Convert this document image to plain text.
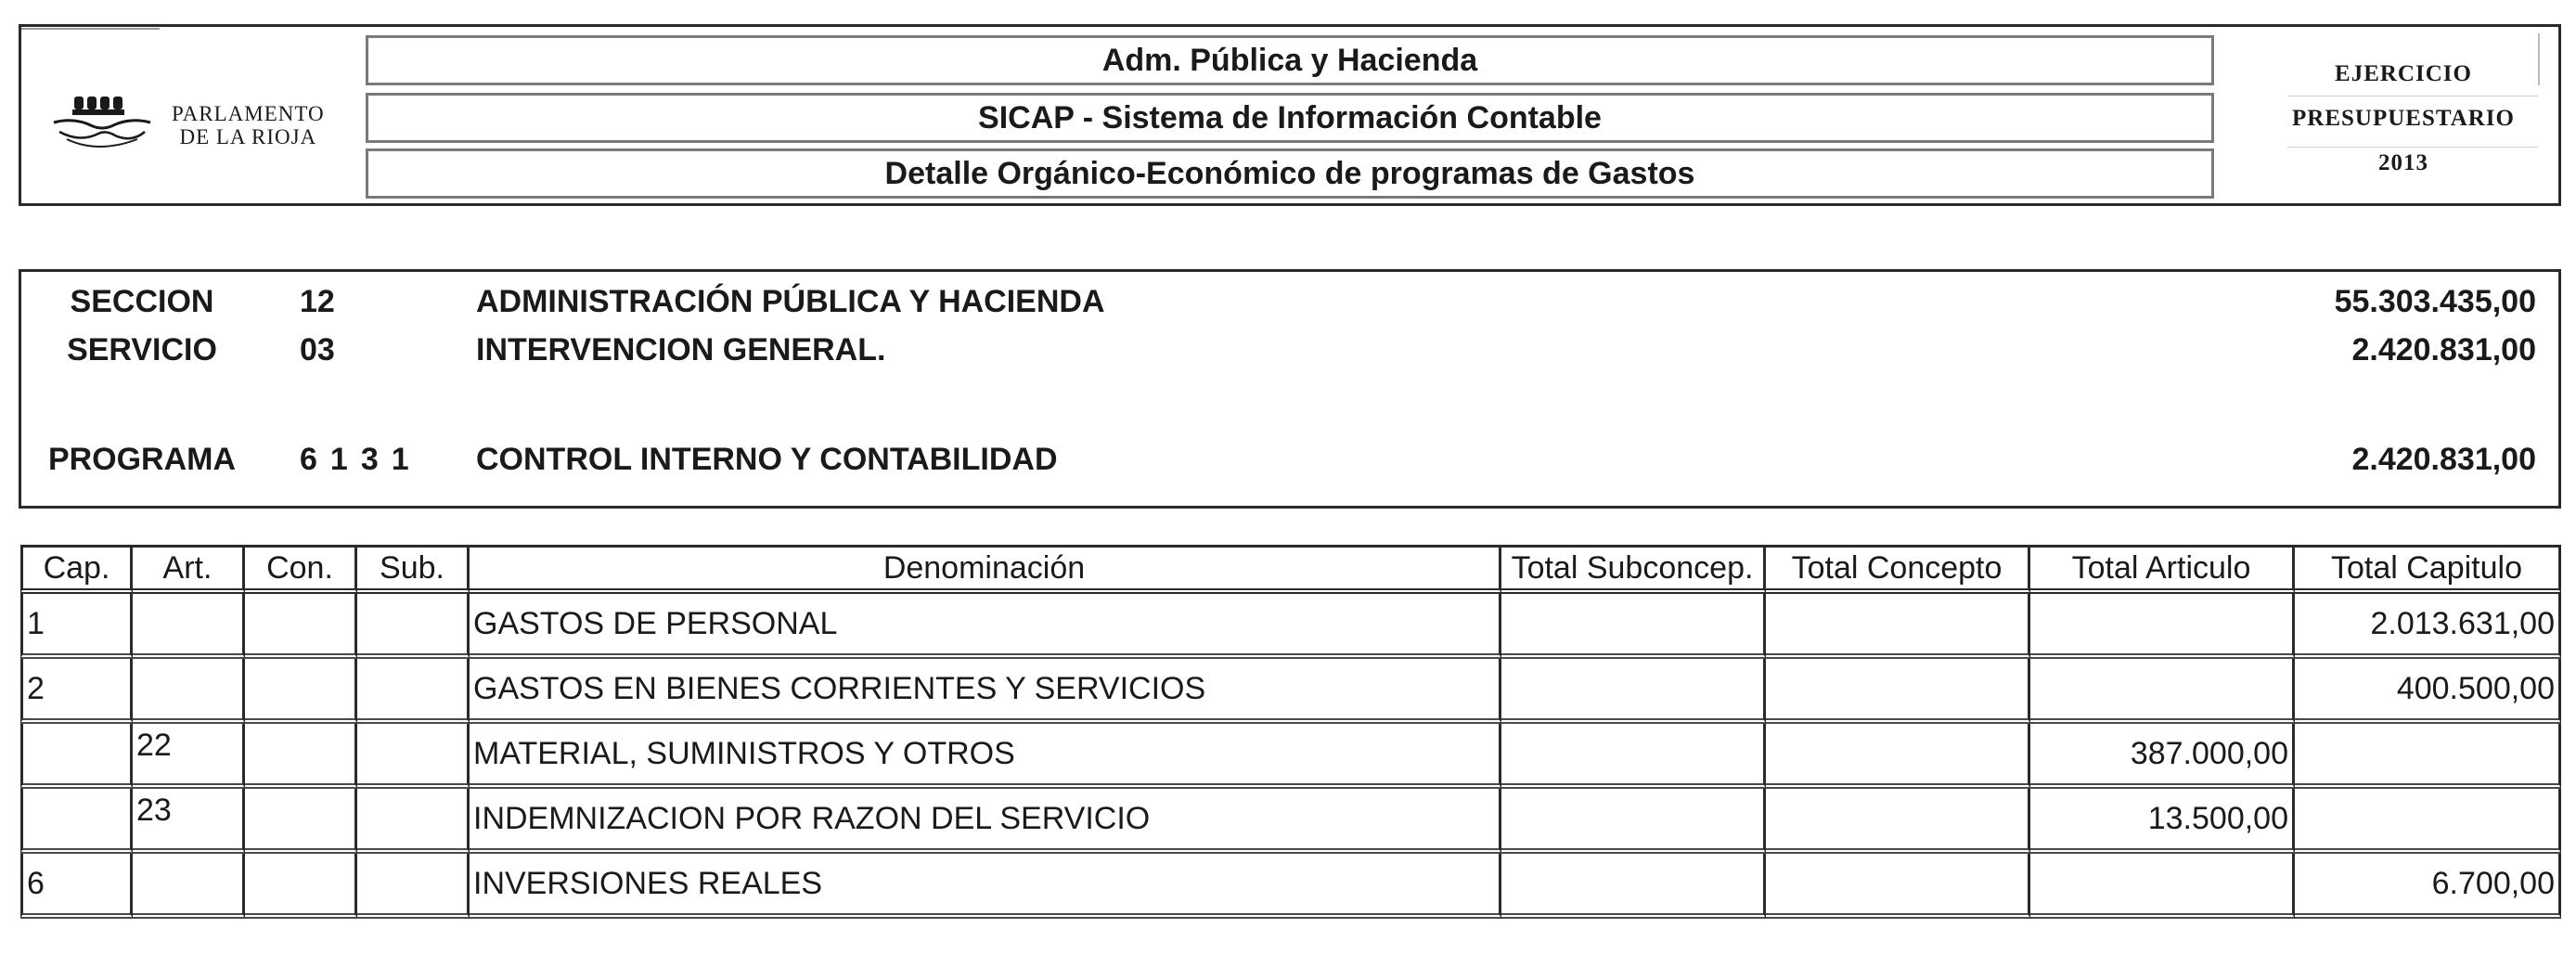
PARLAMENTO
DE LA RIOJA
Adm. Pública y Hacienda
SICAP - Sistema de Información Contable
Detalle Orgánico-Económico de programas de Gastos
EJERCICIO
PRESUPUESTARIO
2013
SECCION	12	ADMINISTRACIÓN PÚBLICA Y HACIENDA	55.303.435,00
SERVICIO	03	INTERVENCION GENERAL.	2.420.831,00
PROGRAMA 6131 CONTROL INTERNO Y CONTABILIDAD	2.420.831,00
Cap.	Art.	Con.	Sub.	Denominación	Total Subconcep.	Total Concepto	Total Articulo	Total Capitulo
1				GASTOS DE PERSONAL				2.013.631,00
2				GASTOS EN BIENES CORRIENTES Y SERVICIOS				400.500,00
	22			MATERIAL, SUMINISTROS Y OTROS			387.000,00	
	23			INDEMNIZACION POR RAZON DEL SERVICIO			13.500,00	
6				INVERSIONES REALES				6.700,00
